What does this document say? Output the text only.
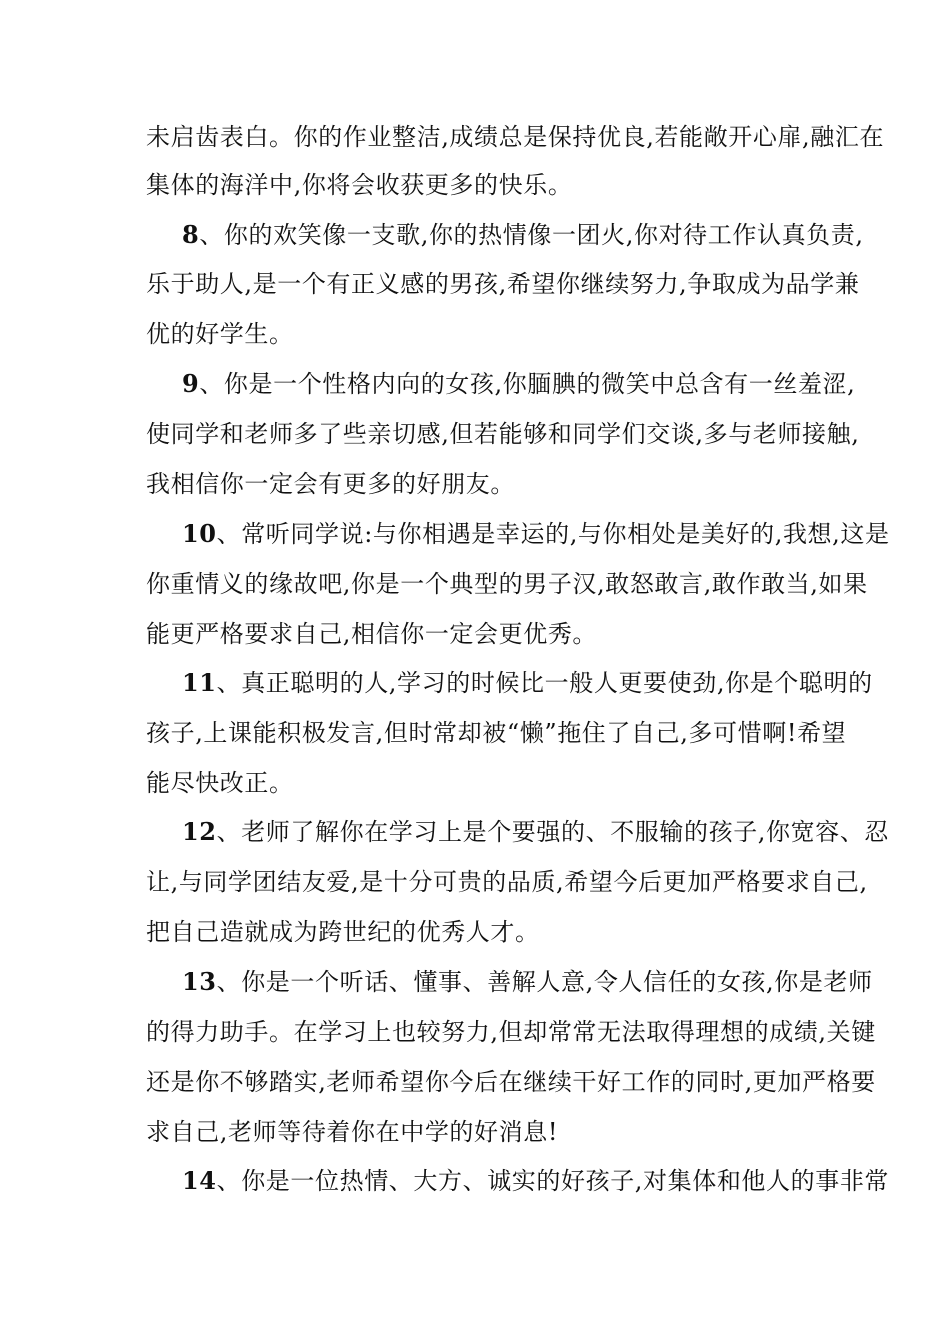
未启齿表白。你的作业整洁,成绩总是保持优良,若能敞开心扉,融汇在
集体的海洋中,你将会收获更多的快乐。
8、你的欢笑像一支歌,你的热情像一团火,你对待工作认真负责,
乐于助人,是一个有正义感的男孩,希望你继续努力,争取成为品学兼
优的好学生。
9、你是一个性格内向的女孩,你腼腆的微笑中总含有一丝羞涩,
使同学和老师多了些亲切感,但若能够和同学们交谈,多与老师接触,
我相信你一定会有更多的好朋友。
10、常听同学说:与你相遇是幸运的,与你相处是美好的,我想,这是
你重情义的缘故吧,你是一个典型的男子汉,敢怒敢言,敢作敢当,如果
能更严格要求自己,相信你一定会更优秀。
11、真正聪明的人,学习的时候比一般人更要使劲,你是个聪明的
孩子,上课能积极发言,但时常却被“懒”拖住了自己,多可惜啊!希望
能尽快改正。
12、老师了解你在学习上是个要强的、不服输的孩子,你宽容、忍
让,与同学团结友爱,是十分可贵的品质,希望今后更加严格要求自己,
把自己造就成为跨世纪的优秀人才。
13、你是一个听话、懂事、善解人意,令人信任的女孩,你是老师
的得力助手。在学习上也较努力,但却常常无法取得理想的成绩,关键
还是你不够踏实,老师希望你今后在继续干好工作的同时,更加严格要
求自己,老师等待着你在中学的好消息!
14、你是一位热情、大方、诚实的好孩子,对集体和他人的事非常
